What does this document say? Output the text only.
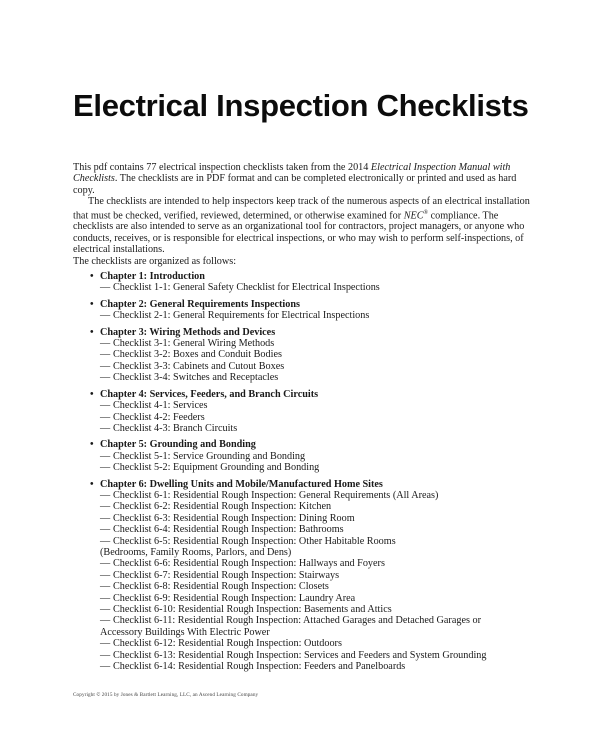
Electrical Inspection Checklists

This pdf contains 77 electrical inspection checklists taken from the 2014 Electrical Inspection Manual with Checklists. The checklists are in PDF format and can be completed electronically or printed and used as hard copy.

The checklists are intended to help inspectors keep track of the numerous aspects of an electrical installation that must be checked, verified, reviewed, determined, or otherwise examined for NEC® compliance. The checklists are also intended to serve as an organizational tool for contractors, project managers, or anyone who conducts, receives, or is responsible for electrical inspections, or who may wish to perform self-inspections, of electrical installations.

The checklists are organized as follows:

• Chapter 1: Introduction
— Checklist 1-1: General Safety Checklist for Electrical Inspections
• Chapter 2: General Requirements Inspections
— Checklist 2-1: General Requirements for Electrical Inspections
• Chapter 3: Wiring Methods and Devices
— Checklist 3-1: General Wiring Methods
— Checklist 3-2: Boxes and Conduit Bodies
— Checklist 3-3: Cabinets and Cutout Boxes
— Checklist 3-4: Switches and Receptacles
• Chapter 4: Services, Feeders, and Branch Circuits
— Checklist 4-1: Services
— Checklist 4-2: Feeders
— Checklist 4-3: Branch Circuits
• Chapter 5: Grounding and Bonding
— Checklist 5-1: Service Grounding and Bonding
— Checklist 5-2: Equipment Grounding and Bonding
• Chapter 6: Dwelling Units and Mobile/Manufactured Home Sites
— Checklist 6-1: Residential Rough Inspection: General Requirements (All Areas)
— Checklist 6-2: Residential Rough Inspection: Kitchen
— Checklist 6-3: Residential Rough Inspection: Dining Room
— Checklist 6-4: Residential Rough Inspection: Bathrooms
— Checklist 6-5: Residential Rough Inspection: Other Habitable Rooms
(Bedrooms, Family Rooms, Parlors, and Dens)
— Checklist 6-6: Residential Rough Inspection: Hallways and Foyers
— Checklist 6-7: Residential Rough Inspection: Stairways
— Checklist 6-8: Residential Rough Inspection: Closets
— Checklist 6-9: Residential Rough Inspection: Laundry Area
— Checklist 6-10: Residential Rough Inspection: Basements and Attics
— Checklist 6-11: Residential Rough Inspection: Attached Garages and Detached Garages or
Accessory Buildings With Electric Power
— Checklist 6-12: Residential Rough Inspection: Outdoors
— Checklist 6-13: Residential Rough Inspection: Services and Feeders and System Grounding
— Checklist 6-14: Residential Rough Inspection: Feeders and Panelboards
Copyright © 2015 by Jones & Bartlett Learning, LLC, an Ascend Learning Company
